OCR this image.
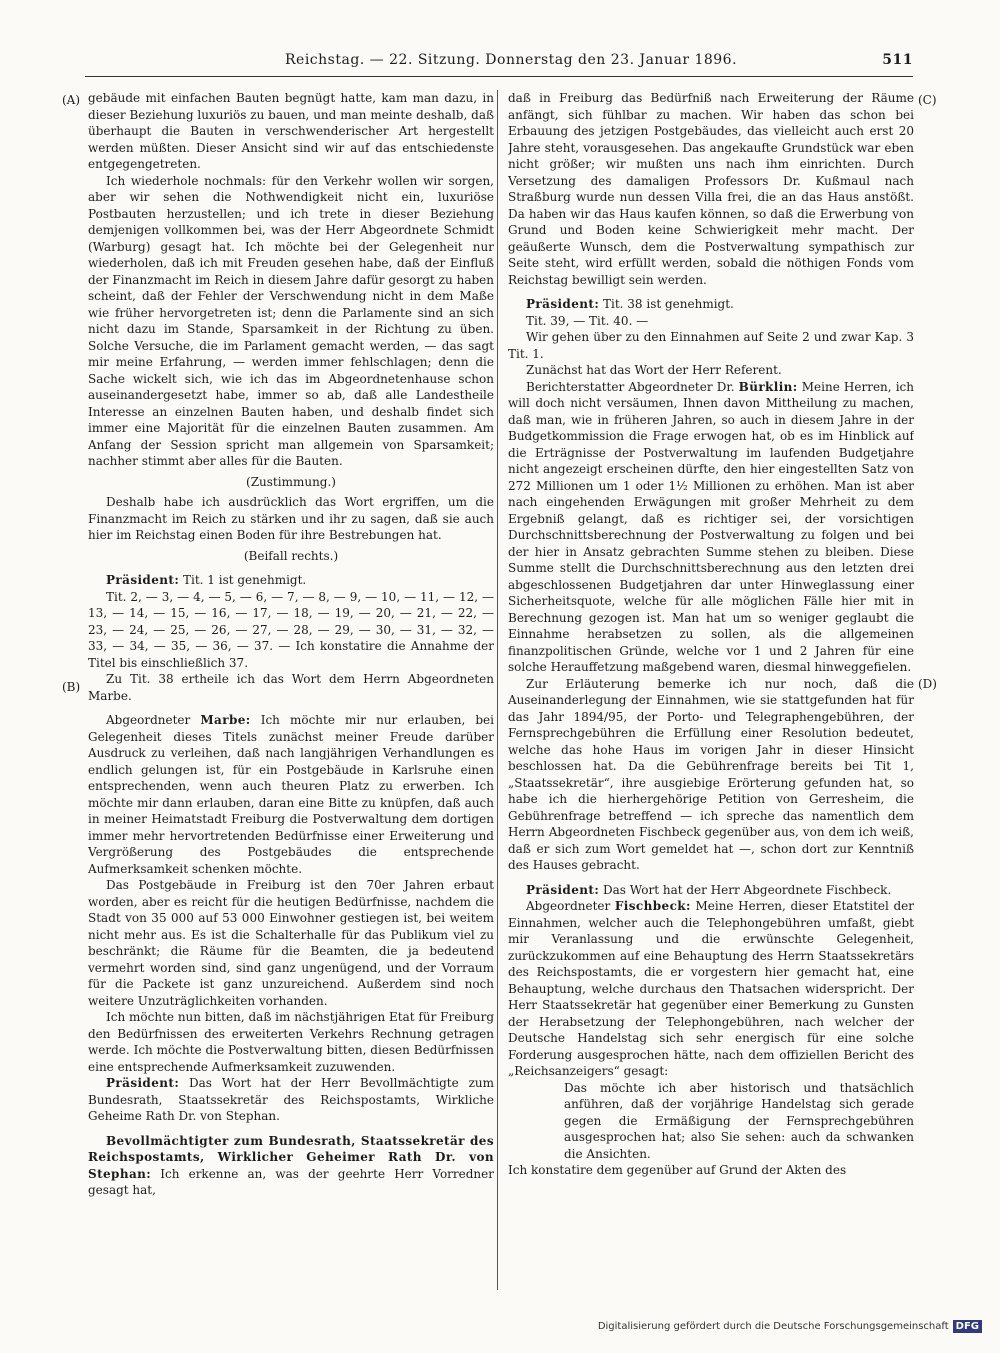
Reichstag. — 22. Sitzung. Donnerstag den 23. Januar 1896.	511
(A)
(B)
(C)
(D)

gebäude mit einfachen Bauten begnügt hatte, kam man dazu, in dieser Beziehung luxuriös zu bauen, und man meinte deshalb, daß überhaupt die Bauten in verschwenderischer Art hergestellt werden müßten. Dieser Ansicht sind wir auf das entschiedenste entgegengetreten.

Ich wiederhole nochmals: für den Verkehr wollen wir sorgen, aber wir sehen die Nothwendigkeit nicht ein, luxuriöse Postbauten herzustellen; und ich trete in dieser Beziehung demjenigen vollkommen bei, was der Herr Abgeordnete Schmidt (Warburg) gesagt hat. Ich möchte bei der Gelegenheit nur wiederholen, daß ich mit Freuden gesehen habe, daß der Einfluß der Finanzmacht im Reich in diesem Jahre dafür gesorgt zu haben scheint, daß der Fehler der Verschwendung nicht in dem Maße wie früher hervorgetreten ist; denn die Parlamente sind an sich nicht dazu im Stande, Sparsamkeit in der Richtung zu üben. Solche Versuche, die im Parlament gemacht werden, — das sagt mir meine Erfahrung, — werden immer fehlschlagen; denn die Sache wickelt sich, wie ich das im Abgeordnetenhause schon auseinandergesetzt habe, immer so ab, daß alle Landestheile Interesse an einzelnen Bauten haben, und deshalb findet sich immer eine Majorität für die einzelnen Bauten zusammen. Am Anfang der Session spricht man allgemein von Sparsamkeit; nachher stimmt aber alles für die Bauten.

(Zustimmung.)

Deshalb habe ich ausdrücklich das Wort ergriffen, um die Finanzmacht im Reich zu stärken und ihr zu sagen, daß sie auch hier im Reichstag einen Boden für ihre Bestrebungen hat.

(Beifall rechts.)

Präsident: Tit. 1 ist genehmigt.

Tit. 2, — 3, — 4, — 5, — 6, — 7, — 8, — 9, — 10, — 11, — 12, — 13, — 14, — 15, — 16, — 17, — 18, — 19, — 20, — 21, — 22, — 23, — 24, — 25, — 26, — 27, — 28, — 29, — 30, — 31, — 32, — 33, — 34, — 35, — 36, — 37. — Ich konstatire die Annahme der Titel bis einschließlich 37.

Zu Tit. 38 ertheile ich das Wort dem Herrn Abgeordneten Marbe.

Abgeordneter Marbe: Ich möchte mir nur erlauben, bei Gelegenheit dieses Titels zunächst meiner Freude darüber Ausdruck zu verleihen, daß nach langjährigen Verhandlungen es endlich gelungen ist, für ein Postgebäude in Karlsruhe einen entsprechenden, wenn auch theuren Platz zu erwerben. Ich möchte mir dann erlauben, daran eine Bitte zu knüpfen, daß auch in meiner Heimatstadt Freiburg die Postverwaltung dem dortigen immer mehr hervortretenden Bedürfnisse einer Erweiterung und Vergrößerung des Postgebäudes die entsprechende Aufmerksamkeit schenken möchte.

Das Postgebäude in Freiburg ist den 70er Jahren erbaut worden, aber es reicht für die heutigen Bedürfnisse, nachdem die Stadt von 35 000 auf 53 000 Einwohner gestiegen ist, bei weitem nicht mehr aus. Es ist die Schalterhalle für das Publikum viel zu beschränkt; die Räume für die Beamten, die ja bedeutend vermehrt worden sind, sind ganz ungenügend, und der Vorraum für die Packete ist ganz unzureichend. Außerdem sind noch weitere Unzuträglichkeiten vorhanden.

Ich möchte nun bitten, daß im nächstjährigen Etat für Freiburg den Bedürfnissen des erweiterten Verkehrs Rechnung getragen werde. Ich möchte die Postverwaltung bitten, diesen Bedürfnissen eine entsprechende Aufmerksamkeit zuzuwenden.

Präsident: Das Wort hat der Herr Bevollmächtigte zum Bundesrath, Staatssekretär des Reichspostamts, Wirkliche Geheime Rath Dr. von Stephan.

Bevollmächtigter zum Bundesrath, Staatssekretär des Reichspostamts, Wirklicher Geheimer Rath Dr. von Stephan: Ich erkenne an, was der geehrte Herr Vorredner gesagt hat,

daß in Freiburg das Bedürfniß nach Erweiterung der Räume anfängt, sich fühlbar zu machen. Wir haben das schon bei Erbauung des jetzigen Postgebäudes, das vielleicht auch erst 20 Jahre steht, vorausgesehen. Das angekaufte Grundstück war eben nicht größer; wir mußten uns nach ihm einrichten. Durch Versetzung des damaligen Professors Dr. Kußmaul nach Straßburg wurde nun dessen Villa frei, die an das Haus anstößt. Da haben wir das Haus kaufen können, so daß die Erwerbung von Grund und Boden keine Schwierigkeit mehr macht. Der geäußerte Wunsch, dem die Postverwaltung sympathisch zur Seite steht, wird erfüllt werden, sobald die nöthigen Fonds vom Reichstag bewilligt sein werden.

Präsident: Tit. 38 ist genehmigt.

Tit. 39, — Tit. 40. —

Wir gehen über zu den Einnahmen auf Seite 2 und zwar Kap. 3 Tit. 1.

Zunächst hat das Wort der Herr Referent.

Berichterstatter Abgeordneter Dr. Bürklin: Meine Herren, ich will doch nicht versäumen, Ihnen davon Mittheilung zu machen, daß man, wie in früheren Jahren, so auch in diesem Jahre in der Budgetkommission die Frage erwogen hat, ob es im Hinblick auf die Erträgnisse der Postverwaltung im laufenden Budgetjahre nicht angezeigt erscheinen dürfte, den hier eingestellten Satz von 272 Millionen um 1 oder 1½ Millionen zu erhöhen. Man ist aber nach eingehenden Erwägungen mit großer Mehrheit zu dem Ergebniß gelangt, daß es richtiger sei, der vorsichtigen Durchschnittsberechnung der Postverwaltung zu folgen und bei der hier in Ansatz gebrachten Summe stehen zu bleiben. Diese Summe stellt die Durchschnittsberechnung aus den letzten drei abgeschlossenen Budgetjahren dar unter Hinweglassung einer Sicherheitsquote, welche für alle möglichen Fälle hier mit in Berechnung gezogen ist. Man hat um so weniger geglaubt die Einnahme herabsetzen zu sollen, als die allgemeinen finanzpolitischen Gründe, welche vor 1 und 2 Jahren für eine solche Herauffetzung maßgebend waren, diesmal hinweggefielen.

Zur Erläuterung bemerke ich nur noch, daß die Auseinanderlegung der Einnahmen, wie sie stattgefunden hat für das Jahr 1894/95, der Porto- und Telegraphengebühren, der Fernsprechgebühren die Erfüllung einer Resolution bedeutet, welche das hohe Haus im vorigen Jahr in dieser Hinsicht beschlossen hat. Da die Gebührenfrage bereits bei Tit 1, „Staatssekretär“, ihre ausgiebige Erörterung gefunden hat, so habe ich die hierhergehörige Petition von Gerresheim, die Gebührenfrage betreffend — ich spreche das namentlich dem Herrn Abgeordneten Fischbeck gegenüber aus, von dem ich weiß, daß er sich zum Wort gemeldet hat —, schon dort zur Kenntniß des Hauses gebracht.

Präsident: Das Wort hat der Herr Abgeordnete Fischbeck.

Abgeordneter Fischbeck: Meine Herren, dieser Etatstitel der Einnahmen, welcher auch die Telephongebühren umfaßt, giebt mir Veranlassung und die erwünschte Gelegenheit, zurückzukommen auf eine Behauptung des Herrn Staatssekretärs des Reichspostamts, die er vorgestern hier gemacht hat, eine Behauptung, welche durchaus den Thatsachen widerspricht. Der Herr Staatssekretär hat gegenüber einer Bemerkung zu Gunsten der Herabsetzung der Telephongebühren, nach welcher der Deutsche Handelstag sich sehr energisch für eine solche Forderung ausgesprochen hätte, nach dem offiziellen Bericht des „Reichsanzeigers“ gesagt:

Das möchte ich aber historisch und thatsächlich anführen, daß der vorjährige Handelstag sich gerade gegen die Ermäßigung der Fernsprechgebühren ausgesprochen hat; also Sie sehen: auch da schwanken die Ansichten.

Ich konstatire dem gegenüber auf Grund der Akten des

Digitalisierung gefördert durch die Deutsche Forschungsgemeinschaft DFG
